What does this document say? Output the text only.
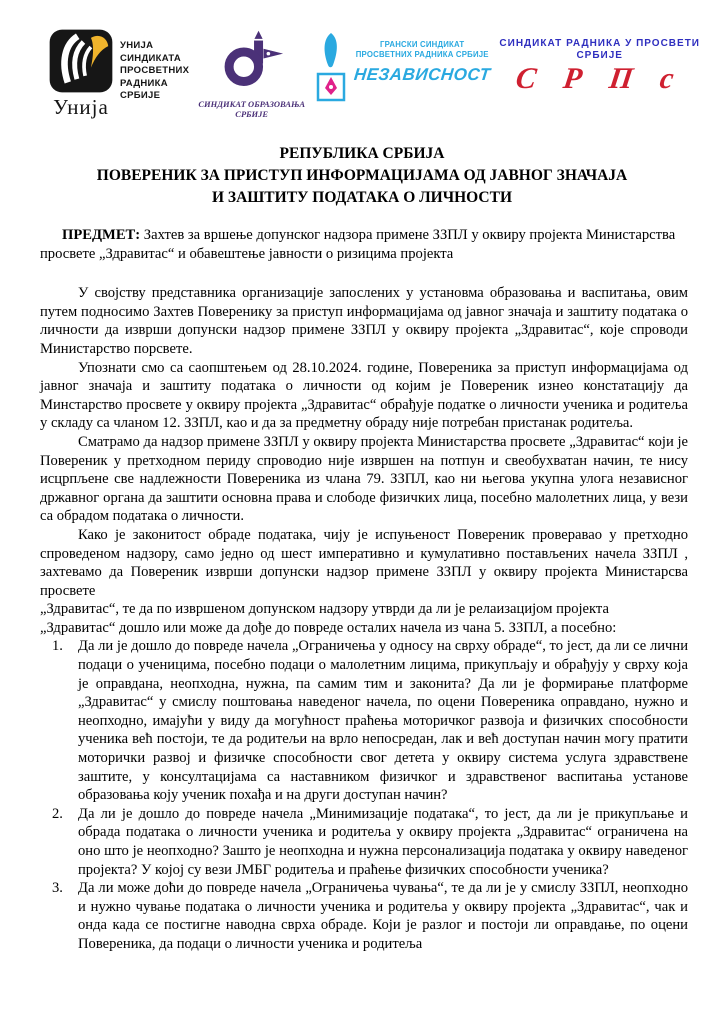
Унија
УНИЈА
СИНДИКАТА
ПРОСВЕТНИХ
РАДНИКА
СРБИЈЕ
СИНДИКАТ ОБРАЗОВАЊА
СРБИЈЕ
ГРАНСКИ СИНДИКАТ
ПРОСВЕТНИХ РАДНИКА СРБИЈЕ
НЕЗАВИСНОСТ
СИНДИКАТ РАДНИКА У ПРОСВЕТИ
СРБИЈЕ
С Р П с
РЕПУБЛИКА СРБИЈА
ПОВЕРЕНИК ЗА ПРИСТУП ИНФОРМАЦИЈАМА ОД ЈАВНОГ ЗНАЧАЈА
И ЗАШТИТУ ПОДАТАКА О ЛИЧНОСТИ

ПРЕДМЕТ: Захтев за вршење допунског надзора примене ЗЗПЛ у оквиру пројекта Министарства просвете „Здравитас“ и обавештење јавности о ризицима пројекта

У својству представника организације запослених у установма образовања и васпитања, овим путем подносимо Захтев Поверенику за приступ информацијама од јавног значаја и заштиту података о личности да изврши допунски надзор примене ЗЗПЛ у оквиру пројекта „Здравитас“, које спроводи Министарство порсвете.

Упознати смо са саопштењем од 28.10.2024. године, Повереника за приступ информацијама од јавног значаја и заштиту података о личности од којим је Повереник изнео констатацију да Минстарство просвете у оквиру пројекта „Здравитас“ обрађује податке о личности ученика и родитеља у складу са чланом 12. ЗЗПЛ, као и да за предметну обраду није потребан пристанак родитеља.

Сматрамо да надзор примене ЗЗПЛ у оквиру пројекта Министарства просвете „Здравитас“ који је Повереник у претходном периду спроводио није извршен на потпун и свеобухватан начин, те нису исцрпљене све надлежности Повереника из члана 79. ЗЗПЛ, као ни његова укупна улога независног државног органа да заштити основна права и слободе физичких лица, посебно малолетних лица, у вези са обрадом података о личности.

Како је законитост обраде података, чију је испуњеност Повереник проверавао у претходно спроведеном надзору, само једно од шест императивно и кумулативно постављених начела ЗЗПЛ , захтевамо да Повереник изврши допунски надзор примене ЗЗПЛ у оквиру пројекта Министарсва просвете

„Здравитас“, те да по извршеном допунском надзору утврди да ли је релаизацијом пројекта

„Здравитас“ дошло или може да дође до повреде осталих начела из чана 5. ЗЗПЛ, а посебно:

1.	Да ли је дошло до повреде начела „Ограничења у односу на сврху обраде“, то јест, да ли се лични подаци о ученицима, посебно подаци о малолетним лицима, прикупљају и обрађују у сврху која је оправдана, неопходна, нужна, па самим тим и законита? Да ли је формирање платформе „Здравитас“ у смислу поштовања наведеног начела, по оцени Повереника оправдано, нужно и неопходно, имајући у виду да могућност праћења моторичког развоја и физичких способности ученика већ постоји, те да родитељи на врло непосредан, лак и већ доступан начин могу пратити моторички развој и физичке способности свог детета у оквиру система услуга здравствене заштите, у консултацијама са наставником физичког и здравственог васпитања установе образовања коју ученик похађа и на други доступан начин?
2.	Да ли је дошло до повреде начела „Минимизације података“, то јест, да ли је прикупљање и обрада података о личности ученика и родитеља у оквиру пројекта „Здравитас“ ограничена на оно што је неопходно? Зашто је неопходна и нужна персонализација података у оквиру наведеног пројекта? У којој су вези ЈМБГ родитеља и праћење физичких способности ученика?
3.	Да ли може доћи до повреде начела „Ограничења чувања“, те да ли је у смислу ЗЗПЛ, неопходно и нужно чување података о личности ученика и родитеља у оквиру пројекта „Здравитас“, чак и онда када се постигне наводна сврха обраде. Који је разлог и постоји ли оправдање, по оцени Повереника, да подаци о личности ученика и родитеља
